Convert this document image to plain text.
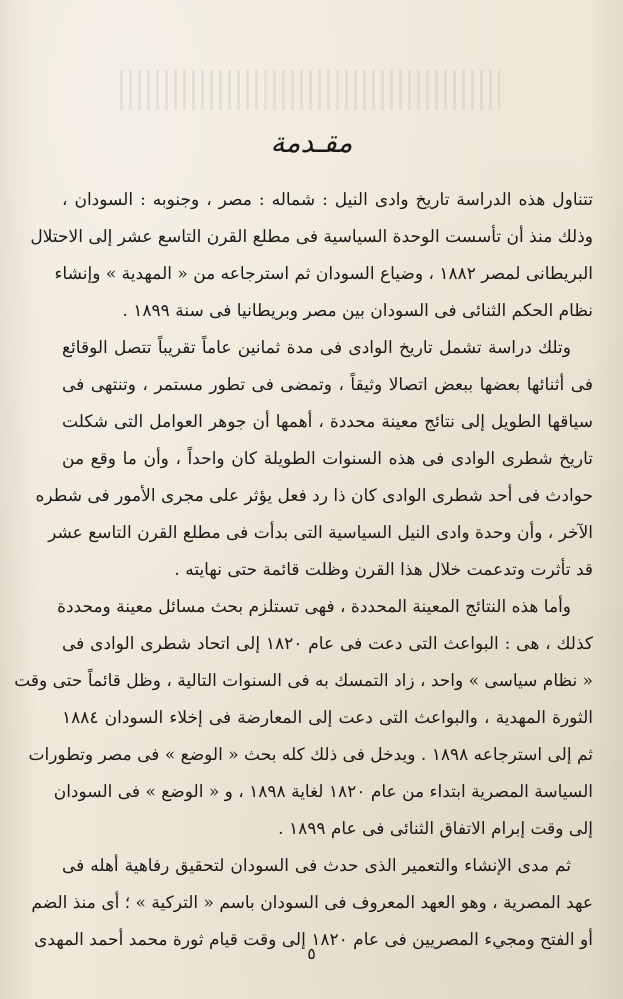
مقـدمة
تتناول هذه الدراسة تاريخ وادى النيل : شماله : مصر ، وجنوبه : السودان ،
وذلك منذ أن تأسست الوحدة السياسية فى مطلع القرن التاسع عشر إلى الاحتلال
البريطانى لمصر ١٨٨٢ ، وضياع السودان ثم استرجاعه من « المهدية » وإنشاء
نظام الحكم الثنائى فى السودان بين مصر وبريطانيا فى سنة ١٨٩٩ .
وتلك دراسة تشمل تاريخ الوادى فى مدة ثمانين عاماً تقريباً تتصل الوقائع
فى أثنائها بعضها ببعض اتصالا وثيقاً ، وتمضى فى تطور مستمر ، وتنتهى فى
سياقها الطويل إلى نتائج معينة محددة ، أهمها أن جوهر العوامل التى شكلت
تاريخ شطرى الوادى فى هذه السنوات الطويلة كان واحداً ، وأن ما وقع من
حوادث فى أحد شطرى الوادى كان ذا رد فعل يؤثر على مجرى الأمور فى شطره
الآخر ، وأن وحدة وادى النيل السياسية التى بدأت فى مطلع القرن التاسع عشر
قد تأثرت وتدعمت خلال هذا القرن وظلت قائمة حتى نهايته .
وأما هذه النتائج المعينة المحددة ، فهى تستلزم بحث مسائل معينة ومحددة
كذلك ، هى : البواعث التى دعت فى عام ١٨٢٠ إلى اتحاد شطرى الوادى فى
« نظام سياسى » واحد ، زاد التمسك به فى السنوات التالية ، وظل قائماً حتى وقت
الثورة المهدية ، والبواعث التى دعت إلى المعارضة فى إخلاء السودان ١٨٨٤
ثم إلى استرجاعه ١٨٩٨ . ويدخل فى ذلك كله بحث « الوضع » فى مصر وتطورات
السياسة المصرية ابتداء من عام ١٨٢٠ لغاية ١٨٩٨ ، و « الوضع » فى السودان
إلى وقت إبرام الاتفاق الثنائى فى عام ١٨٩٩ .
ثم مدى الإنشاء والتعمير الذى حدث فى السودان لتحقيق رفاهية أهله فى
عهد المصرية ، وهو العهد المعروف فى السودان باسم « التركية » ؛ أى منذ الضم
أو الفتح ومجيء المصريين فى عام ١٨٢٠ إلى وقت قيام ثورة محمد أحمد المهدى
٥
